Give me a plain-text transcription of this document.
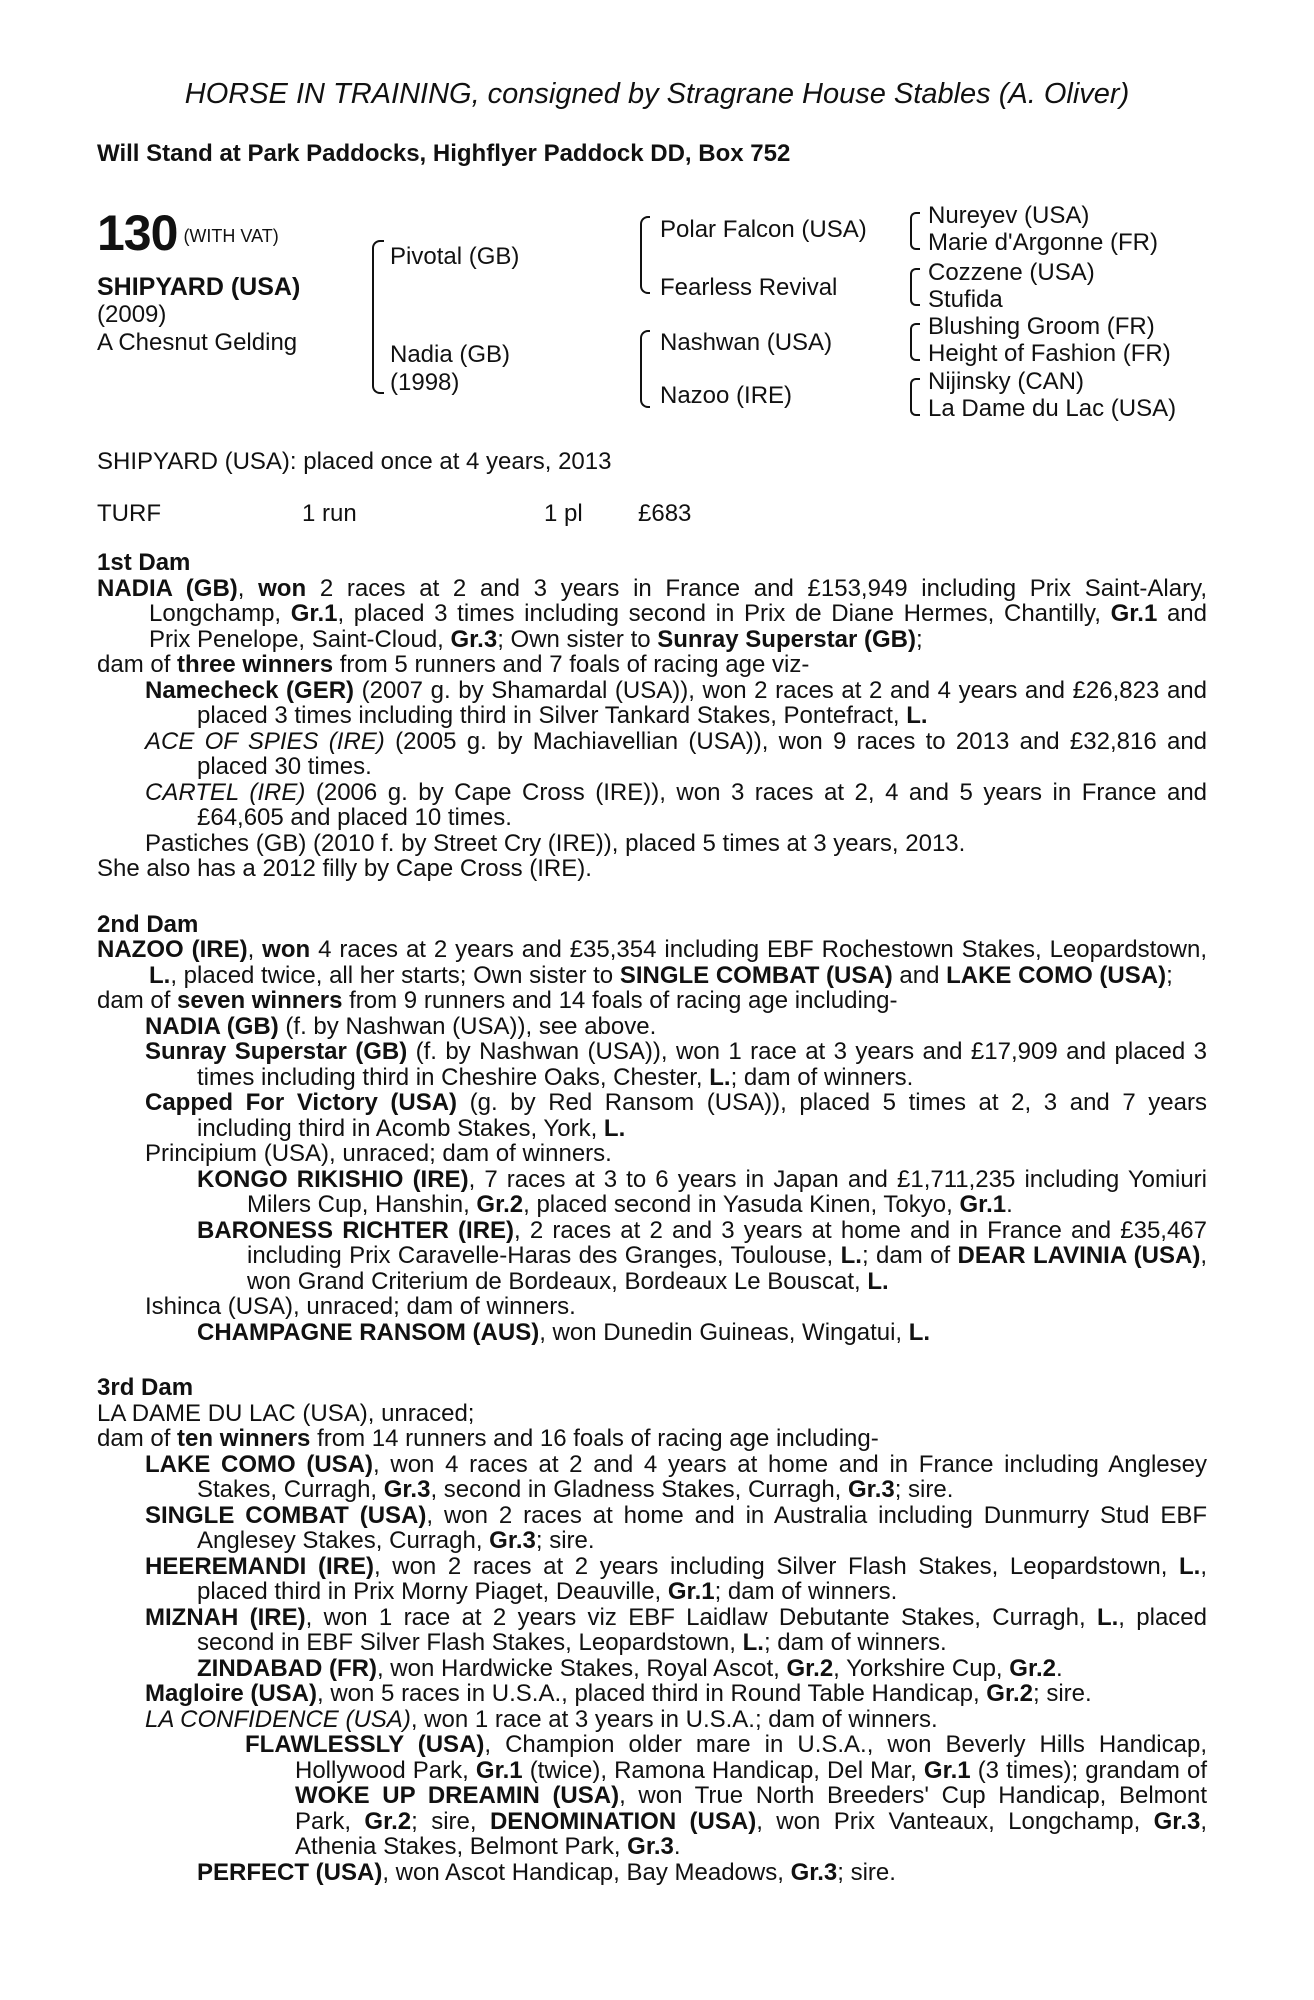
HORSE IN TRAINING, consigned by Stragrane House Stables (A. Oliver)
Will Stand at Park Paddocks, Highflyer Paddock DD, Box 752
130 (WITH VAT)
SHIPYARD (USA)
(2009)
A Chesnut Gelding
Pivotal (GB)
Nadia (GB)
(1998)
Polar Falcon (USA)
Fearless Revival
Nashwan (USA)
Nazoo (IRE)
Nureyev (USA)
Marie d'Argonne (FR)
Cozzene (USA)
Stufida
Blushing Groom (FR)
Height of Fashion (FR)
Nijinsky (CAN)
La Dame du Lac (USA)
SHIPYARD (USA): placed once at 4 years, 2013
TURF	1 run	1 pl £683

1st Dam

NADIA (GB), won 2 races at 2 and 3 years in France and £153,949 including Prix Saint-Alary, Longchamp, Gr.1, placed 3 times including second in Prix de Diane Hermes, Chantilly, Gr.1 and Prix Penelope, Saint-Cloud, Gr.3; Own sister to Sunray Superstar (GB);

dam of three winners from 5 runners and 7 foals of racing age viz-

Namecheck (GER) (2007 g. by Shamardal (USA)), won 2 races at 2 and 4 years and £26,823 and placed 3 times including third in Silver Tankard Stakes, Pontefract, L.

ACE OF SPIES (IRE) (2005 g. by Machiavellian (USA)), won 9 races to 2013 and £32,816 and placed 30 times.

CARTEL (IRE) (2006 g. by Cape Cross (IRE)), won 3 races at 2, 4 and 5 years in France and £64,605 and placed 10 times.

Pastiches (GB) (2010 f. by Street Cry (IRE)), placed 5 times at 3 years, 2013.

She also has a 2012 filly by Cape Cross (IRE).

2nd Dam

NAZOO (IRE), won 4 races at 2 years and £35,354 including EBF Rochestown Stakes, Leopardstown, L., placed twice, all her starts; Own sister to SINGLE COMBAT (USA) and LAKE COMO (USA);

dam of seven winners from 9 runners and 14 foals of racing age including-

NADIA (GB) (f. by Nashwan (USA)), see above.

Sunray Superstar (GB) (f. by Nashwan (USA)), won 1 race at 3 years and £17,909 and placed 3 times including third in Cheshire Oaks, Chester, L.; dam of winners.

Capped For Victory (USA) (g. by Red Ransom (USA)), placed 5 times at 2, 3 and 7 years including third in Acomb Stakes, York, L.

Principium (USA), unraced; dam of winners.

KONGO RIKISHIO (IRE), 7 races at 3 to 6 years in Japan and £1,711,235 including Yomiuri Milers Cup, Hanshin, Gr.2, placed second in Yasuda Kinen, Tokyo, Gr.1.

BARONESS RICHTER (IRE), 2 races at 2 and 3 years at home and in France and £35,467 including Prix Caravelle-Haras des Granges, Toulouse, L.; dam of DEAR LAVINIA (USA), won Grand Criterium de Bordeaux, Bordeaux Le Bouscat, L.

Ishinca (USA), unraced; dam of winners.

CHAMPAGNE RANSOM (AUS), won Dunedin Guineas, Wingatui, L.

3rd Dam

LA DAME DU LAC (USA), unraced;

dam of ten winners from 14 runners and 16 foals of racing age including-

LAKE COMO (USA), won 4 races at 2 and 4 years at home and in France including Anglesey Stakes, Curragh, Gr.3, second in Gladness Stakes, Curragh, Gr.3; sire.

SINGLE COMBAT (USA), won 2 races at home and in Australia including Dunmurry Stud EBF Anglesey Stakes, Curragh, Gr.3; sire.

HEEREMANDI (IRE), won 2 races at 2 years including Silver Flash Stakes, Leopardstown, L., placed third in Prix Morny Piaget, Deauville, Gr.1; dam of winners.

MIZNAH (IRE), won 1 race at 2 years viz EBF Laidlaw Debutante Stakes, Curragh, L., placed second in EBF Silver Flash Stakes, Leopardstown, L.; dam of winners.

ZINDABAD (FR), won Hardwicke Stakes, Royal Ascot, Gr.2, Yorkshire Cup, Gr.2.

Magloire (USA), won 5 races in U.S.A., placed third in Round Table Handicap, Gr.2; sire.

LA CONFIDENCE (USA), won 1 race at 3 years in U.S.A.; dam of winners.

FLAWLESSLY (USA), Champion older mare in U.S.A., won Beverly Hills Handicap, Hollywood Park, Gr.1 (twice), Ramona Handicap, Del Mar, Gr.1 (3 times); grandam of WOKE UP DREAMIN (USA), won True North Breeders' Cup Handicap, Belmont Park, Gr.2; sire, DENOMINATION (USA), won Prix Vanteaux, Longchamp, Gr.3, Athenia Stakes, Belmont Park, Gr.3.

PERFECT (USA), won Ascot Handicap, Bay Meadows, Gr.3; sire.
